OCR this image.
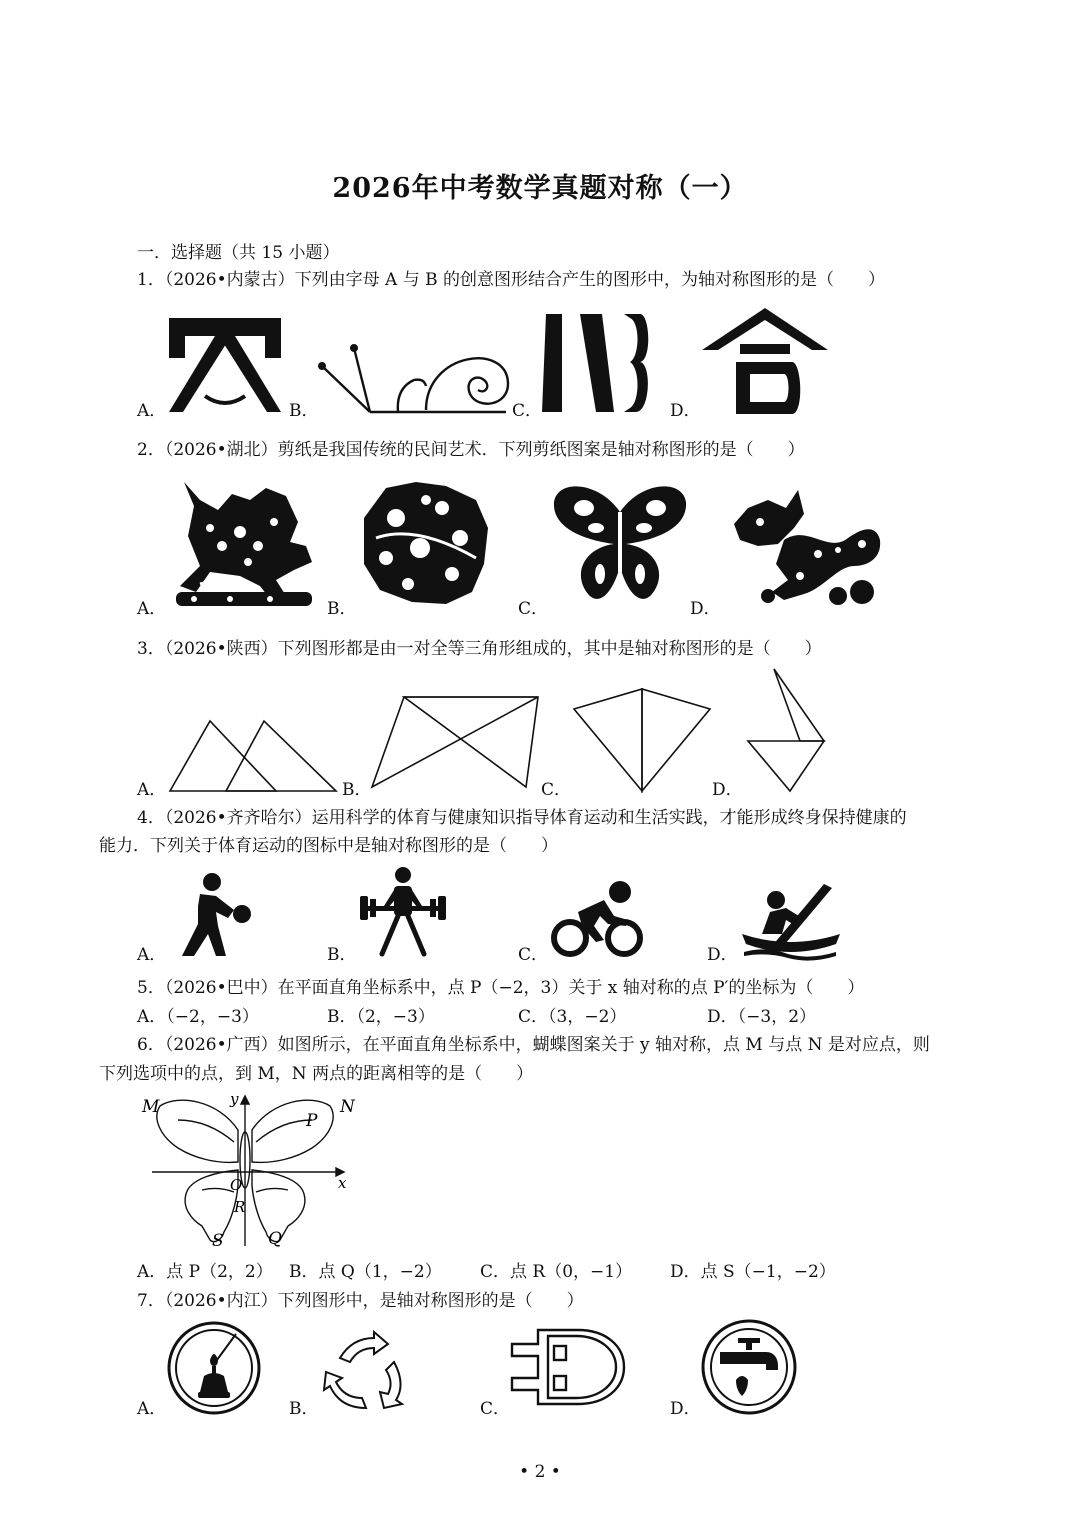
2026年中考数学真题对称（一）
一．选择题（共 15 小题）
1．（2026•内蒙古）下列由字母 A 与 B 的创意图形结合产生的图形中，为轴对称图形的是（　　）
A．	B．	C．	D．
2．（2026•湖北）剪纸是我国传统的民间艺术．下列剪纸图案是轴对称图形的是（　　）
A．	B．	C．	D．
3．（2026•陕西）下列图形都是由一对全等三角形组成的，其中是轴对称图形的是（　　）
A．	B．	C．	D．
4．（2026•齐齐哈尔）运用科学的体育与健康知识指导体育运动和生活实践，才能形成终身保持健康的
能力．下列关于体育运动的图标中是轴对称图形的是（　　）
A．	B．	C．	D．
5．（2026•巴中）在平面直角坐标系中，点 P（−2，3）关于 x 轴对称的点 P′的坐标为（　　）
A．（−2，−3）	B．（2，−3）	C．（3，−2）	D．（−3，2）
6．（2026•广西）如图所示，在平面直角坐标系中，蝴蝶图案关于 y 轴对称，点 M 与点 N 是对应点，则
下列选项中的点，到 M，N 两点的距离相等的是（　　）
M	N
P
y
x
O
R
S	Q
A．点 P（2，2） B．点 Q（1，−2） C．点 R（0，−1） D．点 S（−1，−2）
7．（2026•内江）下列图形中，是轴对称图形的是（　　）
A．	B．	C．	D．
• 2 •
